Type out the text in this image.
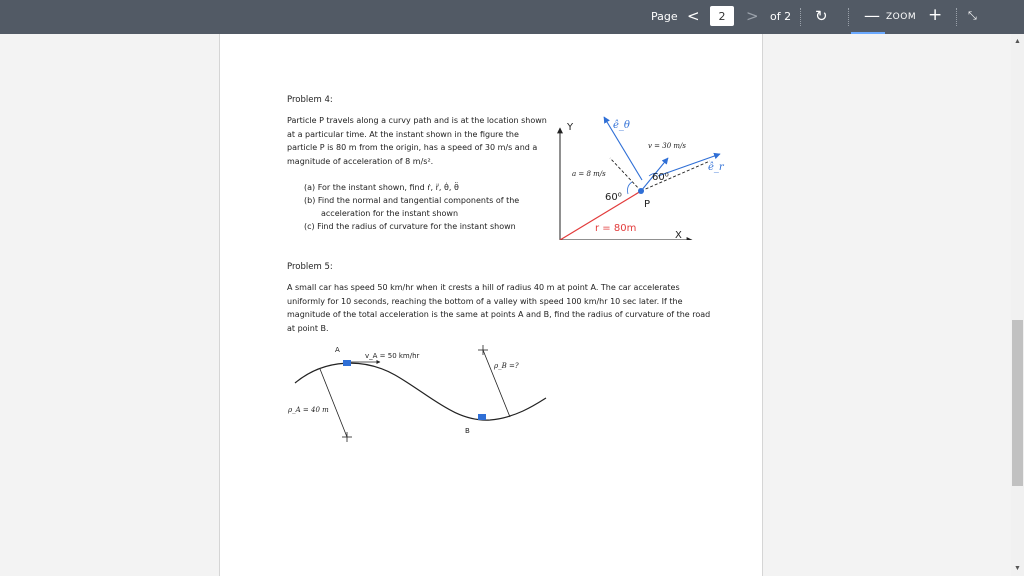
Page <
2	> of 2 ↻ — ZOOM + ⤡
▲
▼
Problem 4:
Particle P travels along a curvy path and is at the location shown at a particular time. At the instant shown in the figure the particle P is 80 m from the origin, has a speed of 30 m/s and a magnitude of acceleration of 8 m/s².
(a) For the instant shown, find ṙ, r̈, θ̇, θ̈
(b) Find the normal and tangential components of the
acceleration for the instant shown
(c) Find the radius of curvature for the instant shown
Y
X
r = 80m
ê_r
ê_θ
v = 30 m/s
a = 8 m/s
60⁰
60⁰
P
Problem 5:
A small car has speed 50 km/hr when it crests a hill of radius 40 m at point A. The car accelerates uniformly for 10 seconds, reaching the bottom of a valley with speed 100 km/hr 10 sec later. If the magnitude of the total acceleration is the same at points A and B, find the radius of curvature of the road at point B.
A
v_A = 50 km/hr
ρ_A = 40 m
B
ρ_B =?
